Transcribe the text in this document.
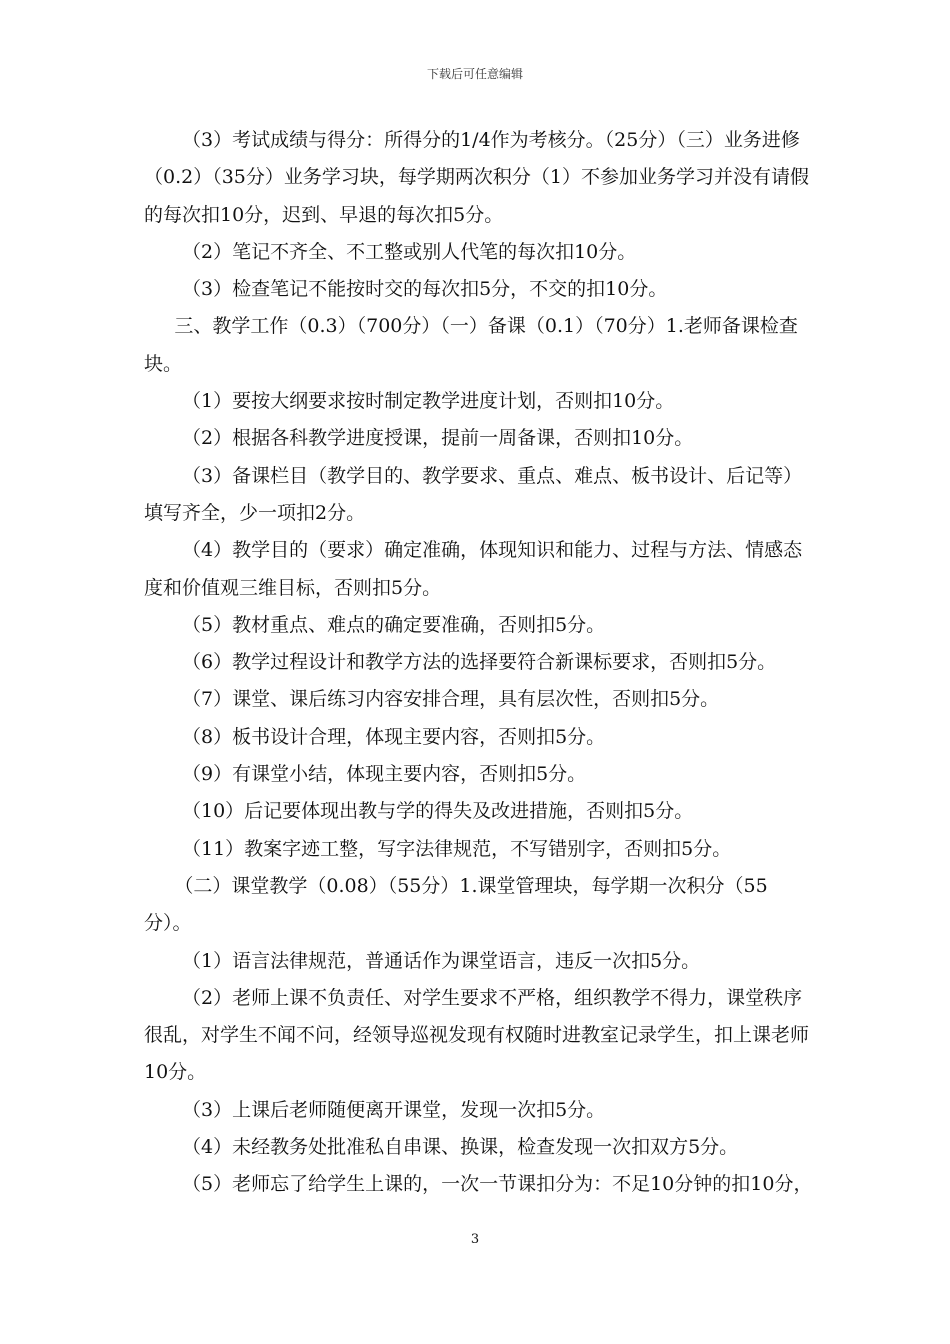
下载后可任意编辑

（3）考试成绩与得分：所得分的1/4作为考核分。（25分）（三）业务进修（0.2）（35分）业务学习块，每学期两次积分（1）不参加业务学习并没有请假的每次扣10分，迟到、早退的每次扣5分。

（2）笔记不齐全、不工整或别人代笔的每次扣10分。

（3）检查笔记不能按时交的每次扣5分，不交的扣10分。

三、教学工作（0.3）（700分）（一）备课（0.1）（70分）1.老师备课检查块。

（1）要按大纲要求按时制定教学进度计划，否则扣10分。

（2）根据各科教学进度授课，提前一周备课，否则扣10分。

（3）备课栏目（教学目的、教学要求、重点、难点、板书设计、后记等）填写齐全，少一项扣2分。

（4）教学目的（要求）确定准确，体现知识和能力、过程与方法、情感态度和价值观三维目标，否则扣5分。

（5）教材重点、难点的确定要准确，否则扣5分。

（6）教学过程设计和教学方法的选择要符合新课标要求，否则扣5分。

（7）课堂、课后练习内容安排合理，具有层次性，否则扣5分。

（8）板书设计合理，体现主要内容，否则扣5分。

（9）有课堂小结，体现主要内容，否则扣5分。

（10）后记要体现出教与学的得失及改进措施，否则扣5分。

（11）教案字迹工整，写字法律规范，不写错别字，否则扣5分。

（二）课堂教学（0.08）（55分）1.课堂管理块，每学期一次积分（55分）。

（1）语言法律规范，普通话作为课堂语言，违反一次扣5分。

（2）老师上课不负责任、对学生要求不严格，组织教学不得力，课堂秩序很乱，对学生不闻不问，经领导巡视发现有权随时进教室记录学生，扣上课老师10分。

（3）上课后老师随便离开课堂，发现一次扣5分。

（4）未经教务处批准私自串课、换课，检查发现一次扣双方5分。

（5）老师忘了给学生上课的，一次一节课扣分为：不足10分钟的扣10分，

3
